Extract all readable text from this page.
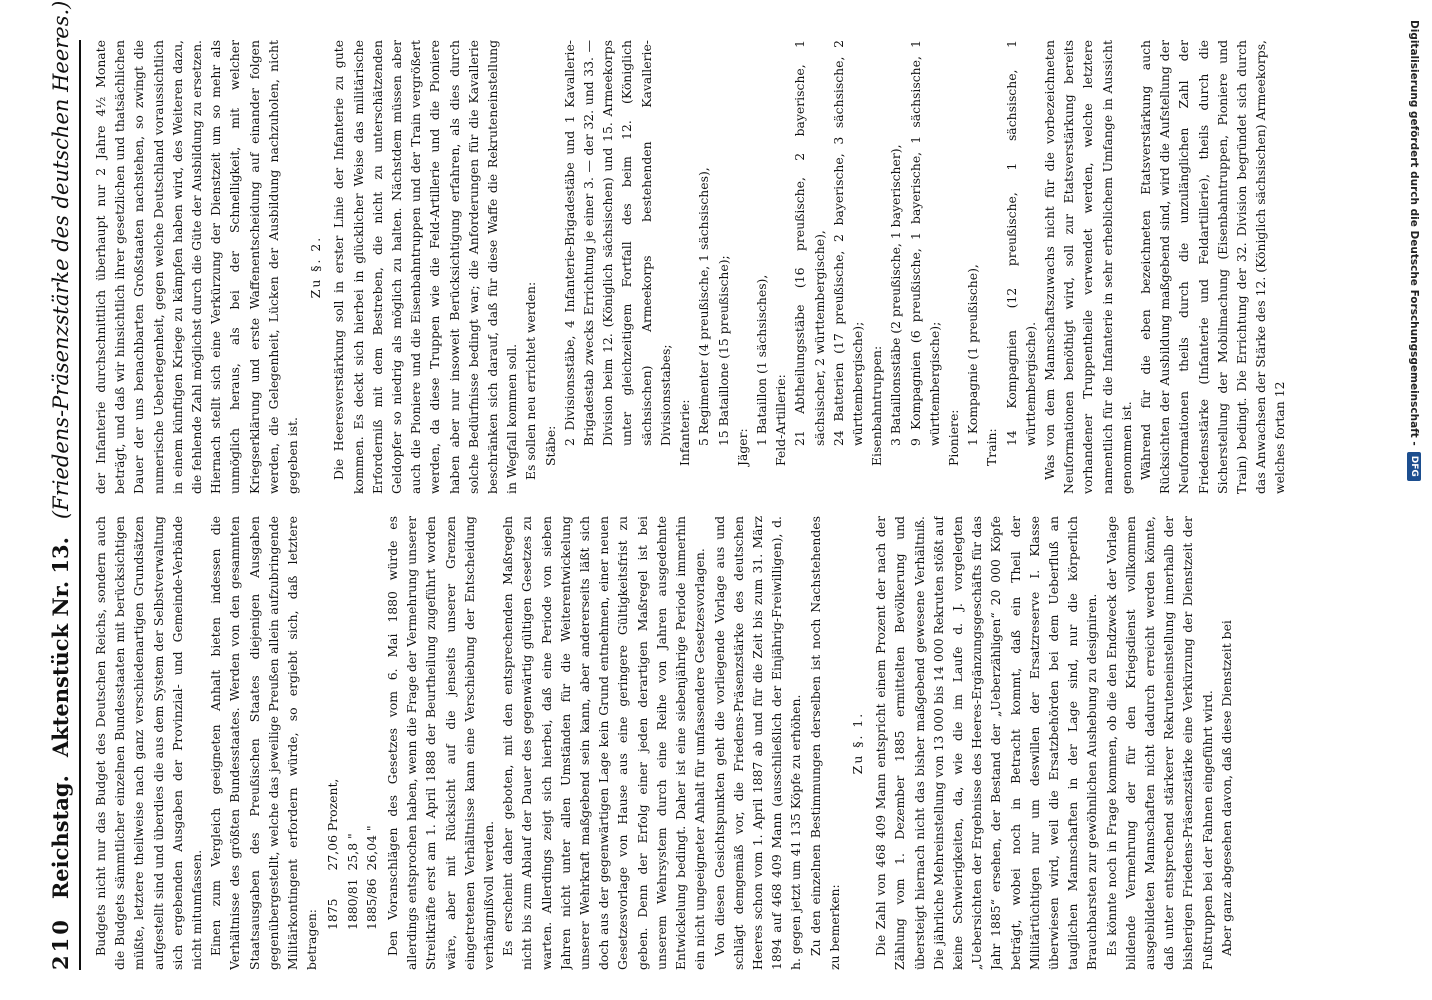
210
Reichstag.
Aktenstück Nr. 13.
(Friedens-Präsenzstärke des deutschen Heeres.)

Budgets nicht nur das Budget des Deutschen Reichs, sondern auch die Budgets sämmtlicher einzelnen Bundesstaaten mit berücksichtigen müßte, letztere theilweise nach ganz verschiedenartigen Grundsätzen aufgestellt sind und überdies die aus dem System der Selbstverwaltung sich ergebenden Ausgaben der Provinzial- und Gemeinde-Verbände nicht mitumfassen. Einen zum Vergleich geeigneten Anhalt bieten indessen die Verhältnisse des größten Bundesstaates. Werden von den gesammten Staatsausgaben des Preußischen Staates diejenigen Ausgaben gegenübergestellt, welche das jeweilige Preußen allein aufzubringende Militärkontingent erfordern würde, so ergiebt sich, daß letztere betragen: 1875	27,06 Prozent,
1880/81	25,8 "
1885/86	26,04 " Den Voranschlägen des Gesetzes vom 6. Mai 1880 würde es allerdings entsprochen haben, wenn die Frage der Vermehrung unserer Streitkräfte erst am 1. April 1888 der Beurtheilung zugeführt worden wäre, aber mit Rücksicht auf die jenseits unserer Grenzen eingetretenen Verhältnisse kann eine Verschiebung der Entscheidung verhängnißvoll werden. Es erscheint daher geboten, mit den entsprechenden Maßregeln nicht bis zum Ablauf der Dauer des gegenwärtig gültigen Gesetzes zu warten. Allerdings zeigt sich hierbei, daß eine Periode von sieben Jahren nicht unter allen Umständen für die Weiterentwickelung unserer Wehrkraft maßgebend sein kann, aber andererseits läßt sich doch aus der gegenwärtigen Lage kein Grund entnehmen, einer neuen Gesetzesvorlage von Hause aus eine geringere Gültigkeitsfrist zu geben. Denn der Erfolg einer jeden derartigen Maßregel ist bei unserem Wehrsystem durch eine Reihe von Jahren ausgedehnte Entwickelung bedingt. Daher ist eine siebenjährige Periode immerhin ein nicht ungeeigneter Anhalt für umfassendere Gesetzesvorlagen. Von diesen Gesichtspunkten geht die vorliegende Vorlage aus und schlägt demgemäß vor, die Friedens-Präsenzstärke des deutschen Heeres schon vom 1. April 1887 ab und für die Zeit bis zum 31. März 1894 auf 468 409 Mann (ausschließlich der Einjährig-Freiwilligen), d. h. gegen jetzt um 41 135 Köpfe zu erhöhen. Zu den einzelnen Bestimmungen derselben ist noch Nachstehendes zu bemerken:

Zu §. 1. Die Zahl von 468 409 Mann entspricht einem Prozent der nach der Zählung vom 1. Dezember 1885 ermittelten Bevölkerung und übersteigt hiernach nicht das bisher maßgebend gewesene Verhältniß. Die jährliche Mehreinstellung von 13 000 bis 14 000 Rekruten stößt auf keine Schwierigkeiten, da, wie die im Laufe d. J. vorgelegten „Uebersichten der Ergebnisse des Heeres-Ergänzungsgeschäfts für das Jahr 1885“ ersehen, der Bestand der „Ueberzähligen“ 20 000 Köpfe beträgt, wobei noch in Betracht kommt, daß ein Theil der Militärtüchtigen nur um deswillen der Ersatzreserve I. Klasse überwiesen wird, weil die Ersatzbehörden bei dem Ueberfluß an tauglichen Mannschaften in der Lage sind, nur die körperlich Brauchbarsten zur gewöhnlichen Aushebung zu designiren. Es könnte noch in Frage kommen, ob die den Endzweck der Vorlage bildende Vermehrung der für den Kriegsdienst vollkommen ausgebildeten Mannschaften nicht dadurch erreicht werden könnte, daß unter entsprechend stärkerer Rekruteneinstellung innerhalb der bisherigen Friedens-Präsenzstärke eine Verkürzung der Dienstzeit der Fußtruppen bei der Fahnen eingeführt wird. Aber ganz abgesehen davon, daß diese Dienstzeit bei

der Infanterie durchschnittlich überhaupt nur 2 Jahre 4½ Monate beträgt, und daß wir hinsichtlich ihrer gesetzlichen und thatsächlichen Dauer der uns benachbarten Großstaaten nachstehen, so zwingt die numerische Ueberlegenheit, gegen welche Deutschland voraussichtlich in einem künftigen Kriege zu kämpfen haben wird, des Weiteren dazu, die fehlende Zahl möglichst durch die Güte der Ausbildung zu ersetzen. Hiernach stellt sich eine Verkürzung der Dienstzeit um so mehr als unmöglich heraus, als bei der Schnelligkeit, mit welcher Kriegserklärung und erste Waffenentscheidung auf einander folgen werden, die Gelegenheit, Lücken der Ausbildung nachzuholen, nicht gegeben ist.

Zu §. 2. Die Heeresverstärkung soll in erster Linie der Infanterie zu gute kommen. Es deckt sich hierbei in glücklicher Weise das militärische Erforderniß mit dem Bestreben, die nicht zu unterschätzenden Geldopfer so niedrig als möglich zu halten. Nächstdem müssen aber auch die Pioniere und die Eisenbahntruppen und der Train vergrößert werden, da diese Truppen wie die Feld-Artillerie und die Pioniere haben aber nur insoweit Berücksichtigung erfahren, als dies durch solche Bedürfnisse bedingt war; die Anforderungen für die Kavallerie beschränken sich darauf, daß für diese Waffe die Rekruteneinstellung in Wegfall kommen soll. Es sollen neu errichtet werden: Stäbe: 2 Divisionsstäbe, 4 Infanterie-Brigadestäbe und 1 Kavallerie-Brigadestab zwecks Errichtung je einer 3. — der 32. und 33. — Division beim 12. (Königlich sächsischen) und 15. Armeekorps unter gleichzeitigem Fortfall des beim 12. (Königlich sächsischen) Armeekorps bestehenden Kavallerie-Divisionsstabes; Infanterie: 5 Regimenter (4 preußische, 1 sächsisches), 15 Bataillone (15 preußische);

Jäger:

1 Bataillon (1 sächsisches), Feld-Artillerie: 21 Abtheilungsstäbe (16 preußische, 2 bayerische, 1 sächsischer, 2 württembergische), 24 Batterien (17 preußische, 2 bayerische, 3 sächsische, 2 württembergische); Eisenbahntruppen: 3 Bataillonsstäbe (2 preußische, 1 bayerischer), 9 Kompagnien (6 preußische, 1 bayerische, 1 sächsische, 1 württembergische); Pioniere: 1 Kompagnie (1 preußische),

Train:

14 Kompagnien (12 preußische, 1 sächsische, 1 württembergische). Was von dem Mannschaftszuwachs nicht für die vorbezeichneten Neuformationen benöthigt wird, soll zur Etatsverstärkung bereits vorhandener Truppentheile verwendet werden, welche letztere namentlich für die Infanterie in sehr erheblichem Umfange in Aussicht genommen ist. Während für die eben bezeichneten Etatsverstärkung auch Rücksichten der Ausbildung maßgebend sind, wird die Aufstellung der Neuformationen theils durch die unzulänglichen Zahl der Friedensstärke (Infanterie und Feldartillerie), theils durch die Sicherstellung der Mobilmachung (Eisenbahntruppen, Pioniere und Train) bedingt. Die Errichtung der 32. Division begründet sich durch das Anwachsen der Stärke des 12. (Königlich sächsischen) Armeekorps, welches fortan 12	Digitalisierung gefördert durch die Deutsche Forschungsgemeinschaft -
DFG
